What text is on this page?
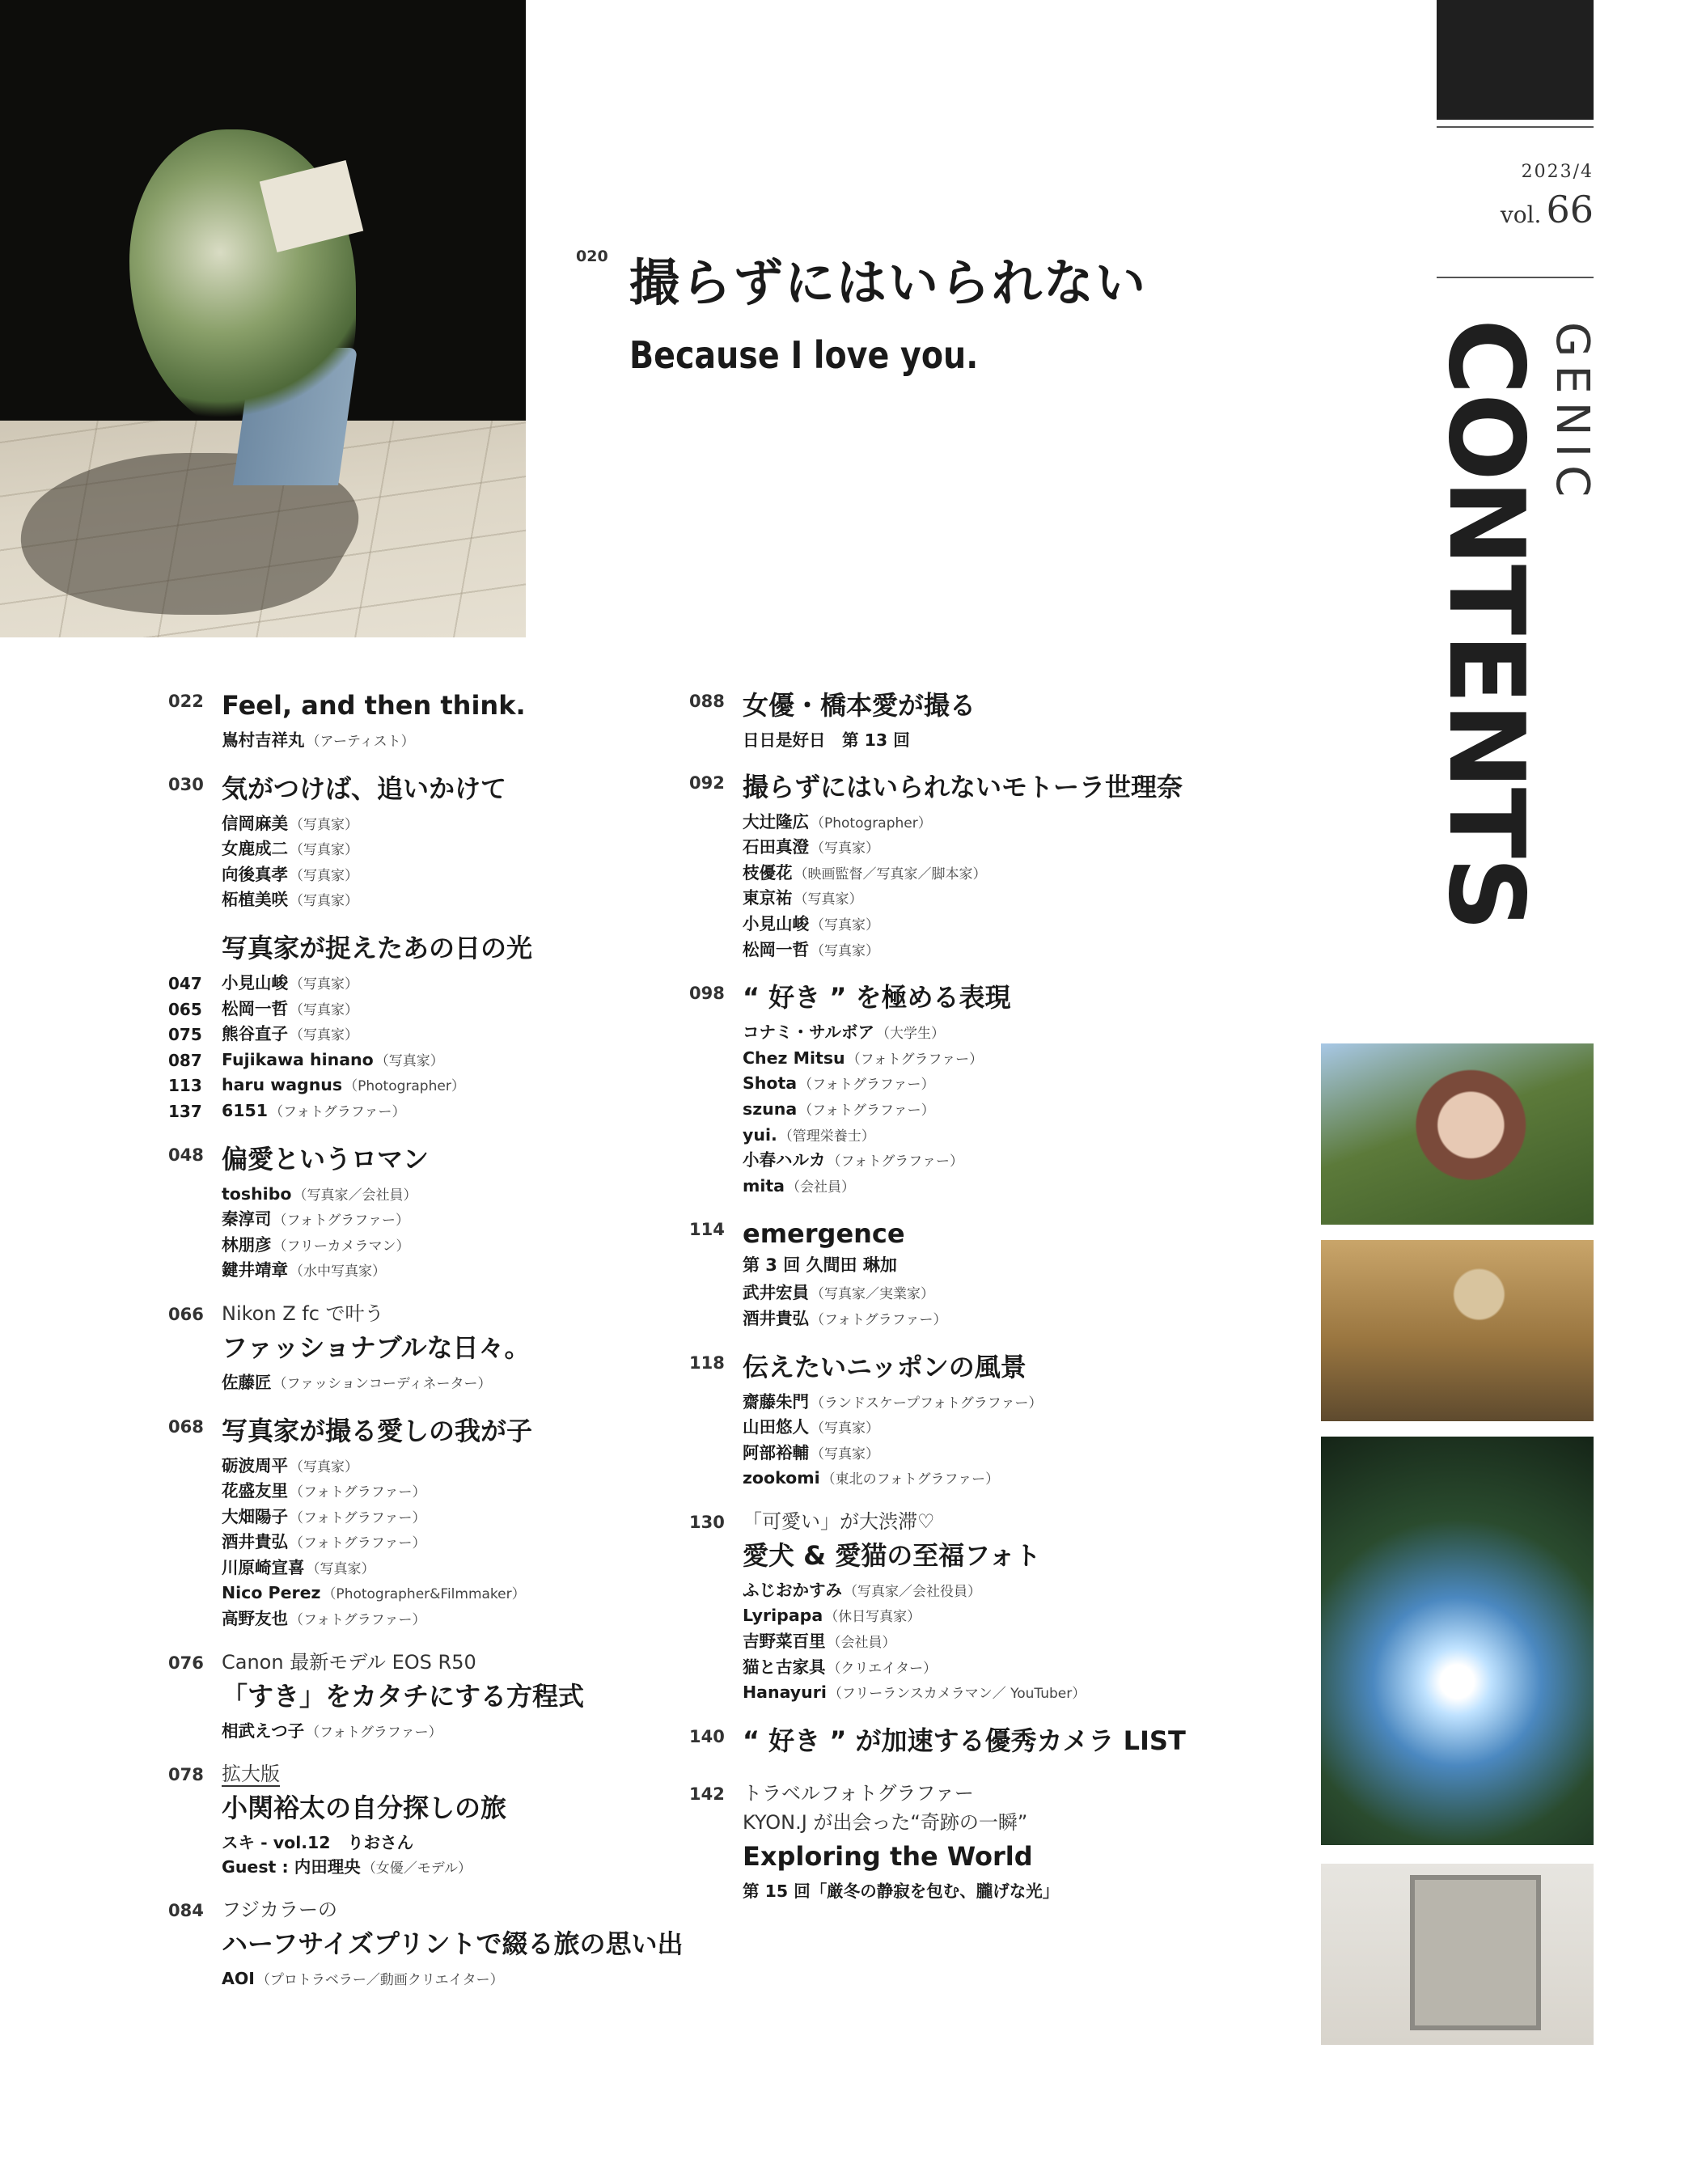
2023/4
vol. 66
GENIC
CONTENTS
020 撮らずにはいられない
Because I love you.
022 Feel, and then think.
嶌村吉祥丸 （アーティスト）
030 気がつけば、追いかけて
信岡麻美 （写真家）
女鹿成二 （写真家）
向後真孝 （写真家）
柘植美咲 （写真家）
写真家が捉えたあの日の光
047 小見山峻 （写真家）
065 松岡一哲 （写真家）
075 熊谷直子 （写真家）
087 Fujikawa hinano （写真家）
113 haru wagnus （Photographer）
137 6151 （フォトグラファー）
048 偏愛というロマン
toshibo （写真家／会社員）
秦淳司 （フォトグラファー）
林朋彦 （フリーカメラマン）
鍵井靖章 （水中写真家）
066 Nikon Z fc で叶う
ファッショナブルな日々。
佐藤匠 （ファッションコーディネーター）
068 写真家が撮る愛しの我が子
砺波周平 （写真家）
花盛友里 （フォトグラファー）
大畑陽子 （フォトグラファー）
酒井貴弘 （フォトグラファー）
川原崎宣喜 （写真家）
Nico Perez （Photographer&Filmmaker）
高野友也 （フォトグラファー）
076 Canon 最新モデル EOS R50
「すき」をカタチにする方程式
相武えつ子 （フォトグラファー）
078 拡大版
小関裕太の自分探しの旅
スキ - vol.12　りおさん
Guest : 内田理央 （女優／モデル）
084 フジカラーの
ハーフサイズプリントで綴る旅の思い出
AOI （プロトラベラー／動画クリエイター）
088 女優・橋本愛が撮る
日日是好日　第 13 回
092 撮らずにはいられないモトーラ世理奈
大辻隆広 （Photographer）
石田真澄 （写真家）
枝優花 （映画監督／写真家／脚本家）
東京祐 （写真家）
小見山峻 （写真家）
松岡一哲 （写真家）
098 “ 好き ” を極める表現
コナミ・サルボア （大学生）
Chez Mitsu （フォトグラファー）
Shota （フォトグラファー）
szuna （フォトグラファー）
yui. （管理栄養士）
小春ハルカ （フォトグラファー）
mita （会社員）
114 emergence
第 3 回 久間田 琳加
武井宏員 （写真家／実業家）
酒井貴弘 （フォトグラファー）
118 伝えたいニッポンの風景
齋藤朱門 （ランドスケープフォトグラファー）
山田悠人 （写真家）
阿部裕輔 （写真家）
zookomi （東北のフォトグラファー）
130 「可愛い」が大渋滞♡
愛犬 & 愛猫の至福フォト
ふじおかすみ （写真家／会社役員）
Lyripapa （休日写真家）
吉野菜百里 （会社員）
猫と古家具 （クリエイター）
Hanayuri （フリーランスカメラマン／ YouTuber）
140 “ 好き ” が加速する優秀カメラ LIST
142 トラベルフォトグラファー
KYON.J が出会った“奇跡の一瞬”
Exploring the World
第 15 回「厳冬の静寂を包む、朧げな光」
